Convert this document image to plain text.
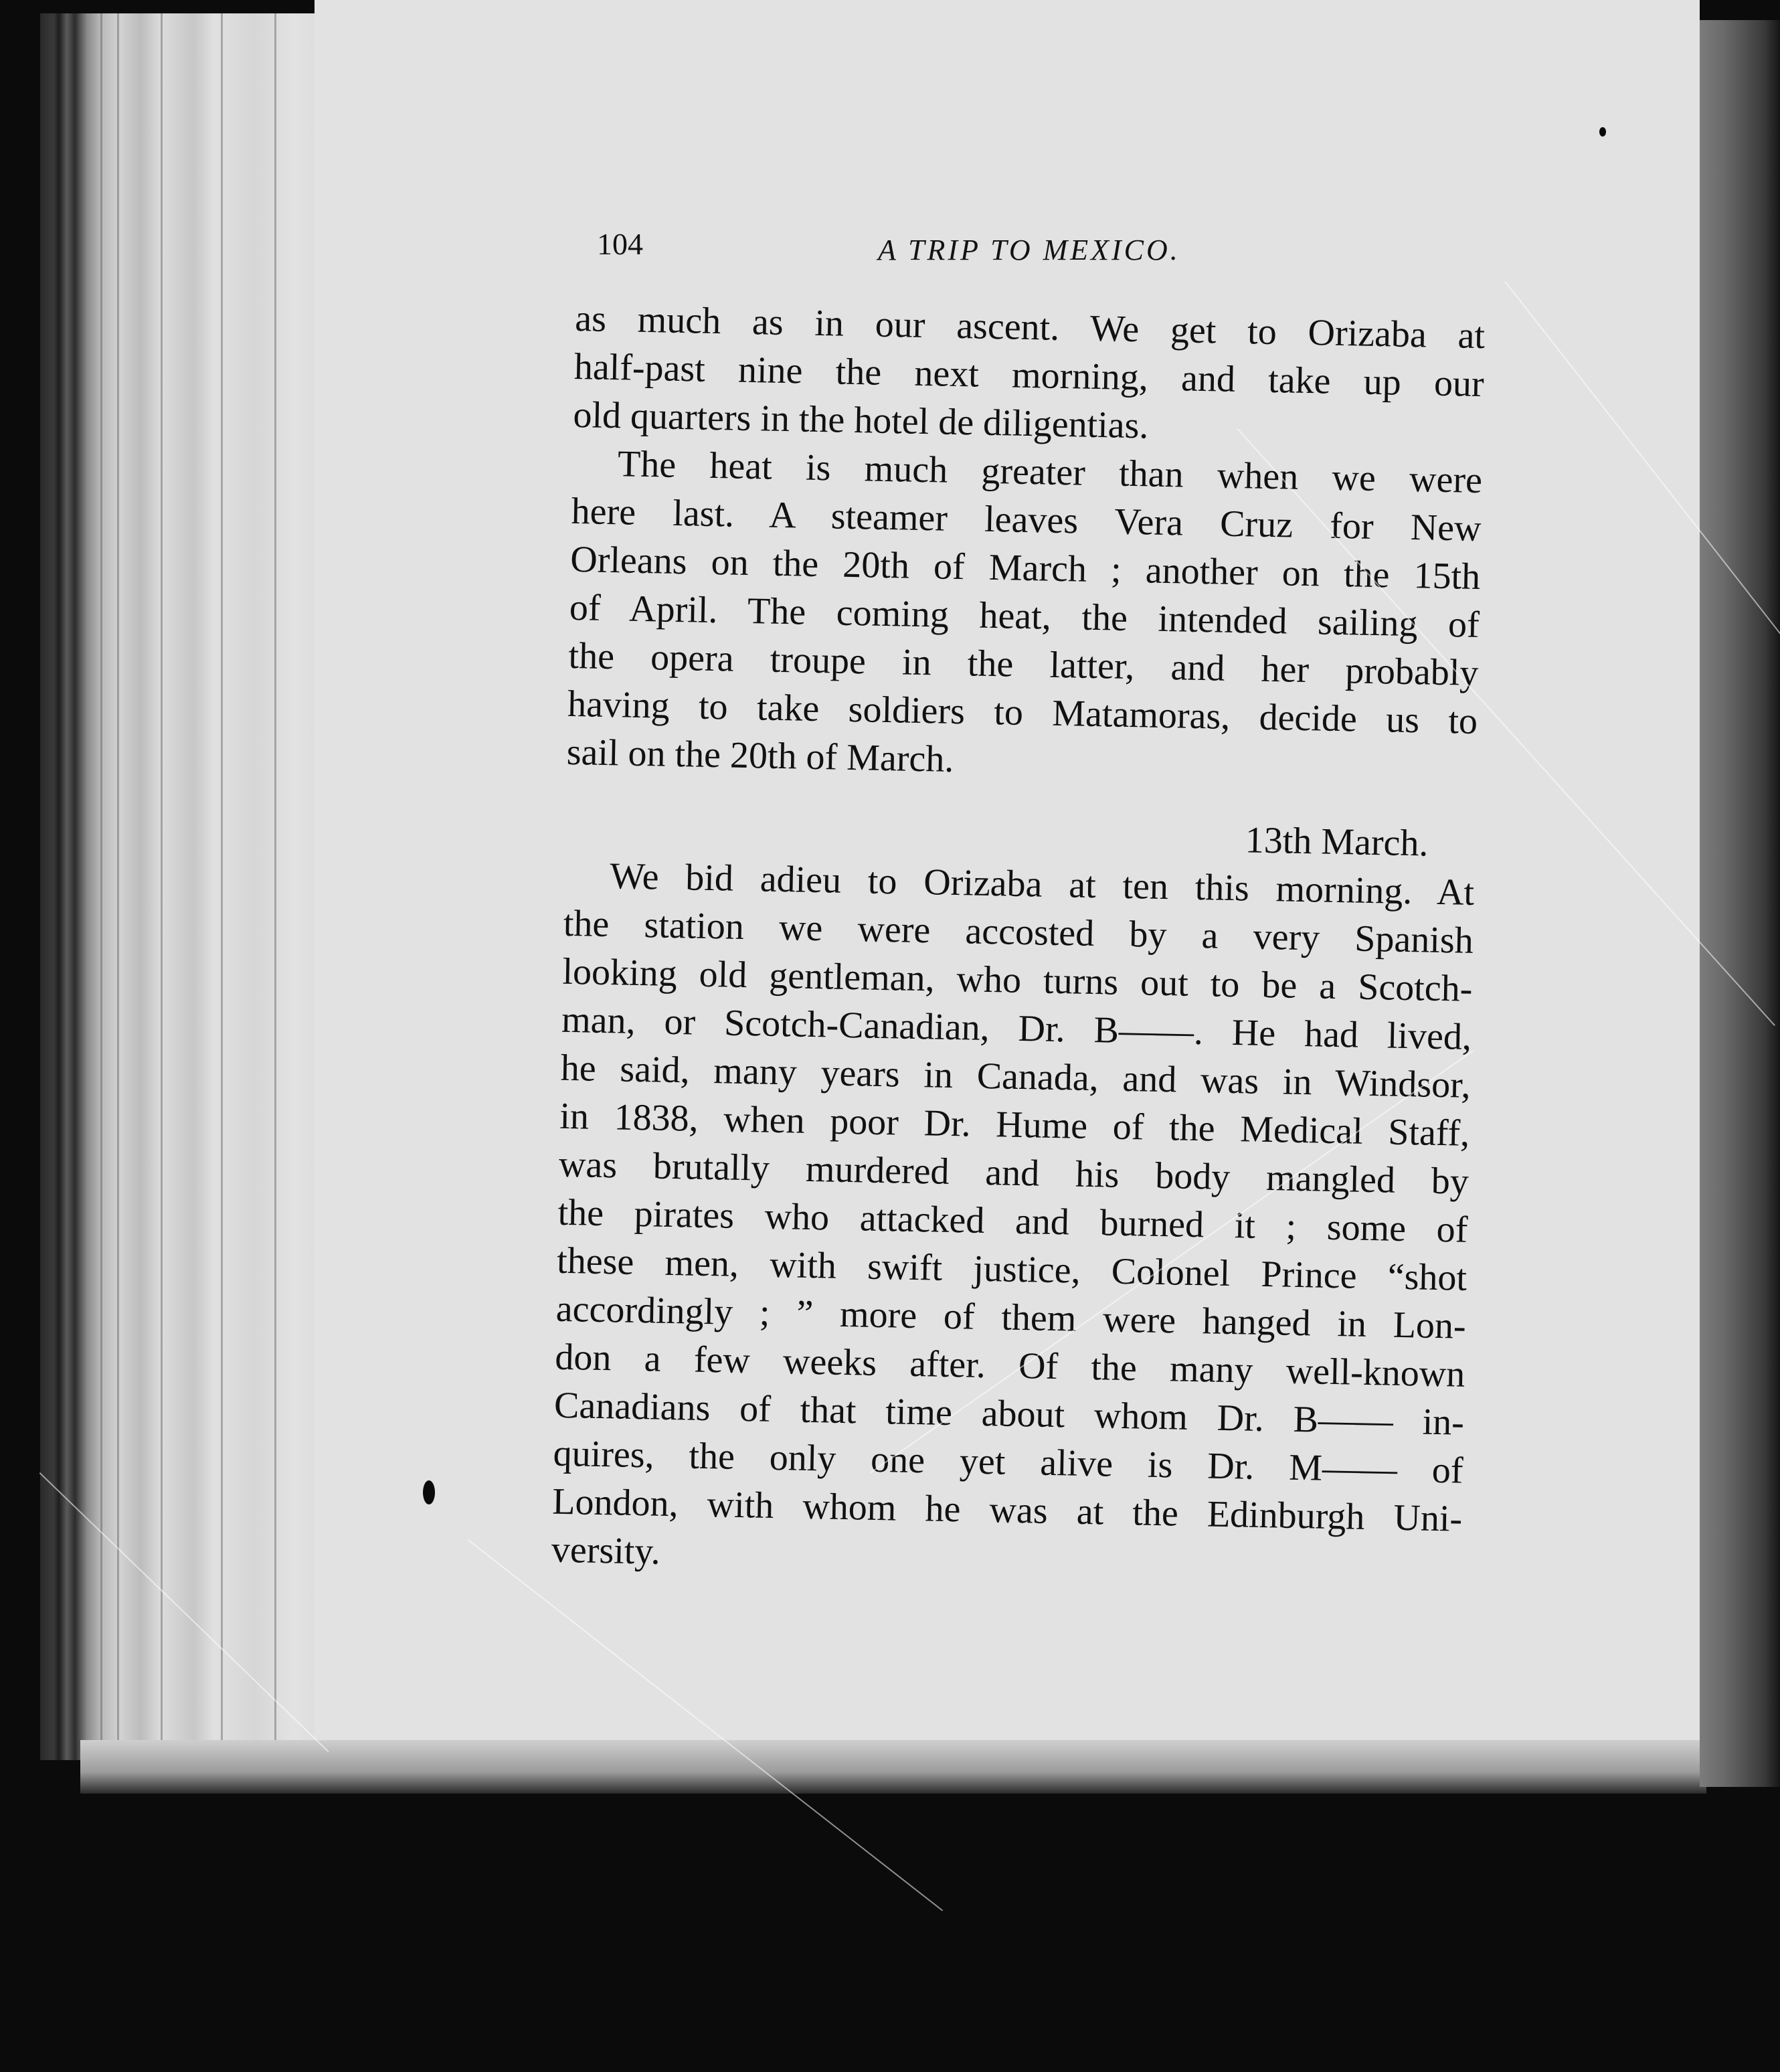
104	A TRIP TO MEXICO.
as much as in our ascent. We get to Orizaba at
half-past nine the next morning, and take up our
old quarters in the hotel de diligentias.
The heat is much greater than when we were
here last. A steamer leaves Vera Cruz for New
Orleans on the 20th of March ; another on the 15th
of April. The coming heat, the intended sailing of
the opera troupe in the latter, and her probably
having to take soldiers to Matamoras, decide us to
sail on the 20th of March.
13th March.
We bid adieu to Orizaba at ten this morning. At
the station we were accosted by a very Spanish
looking old gentleman, who turns out to be a Scotch-
man, or Scotch-Canadian, Dr. B——. He had lived,
he said, many years in Canada, and was in Windsor,
in 1838, when poor Dr. Hume of the Medical Staff,
was brutally murdered and his body mangled by
the pirates who attacked and burned it ; some of
these men, with swift justice, Colonel Prince “shot
accordingly ; ” more of them were hanged in Lon-
don a few weeks after. Of the many well-known
Canadians of that time about whom Dr. B—— in-
quires, the only one yet alive is Dr. M—— of
London, with whom he was at the Edinburgh Uni-
versity.
